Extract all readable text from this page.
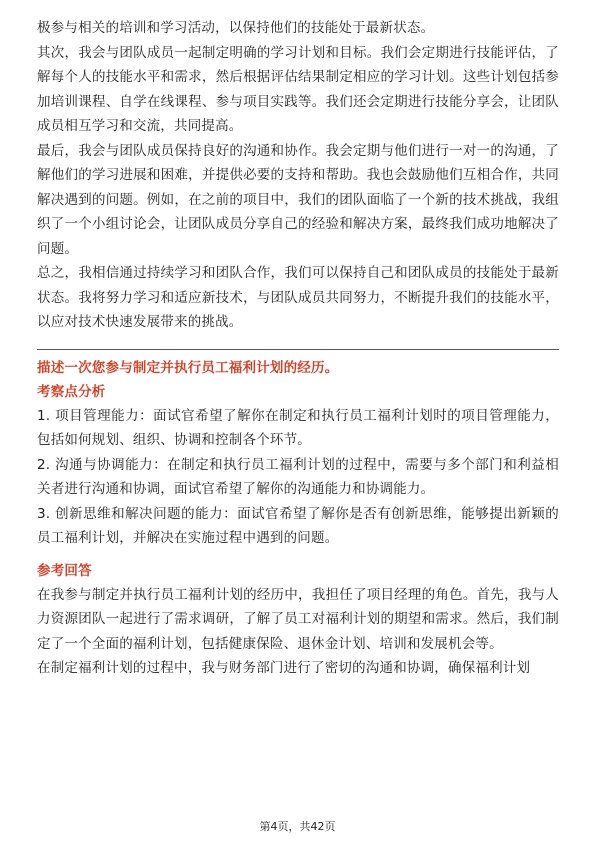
极参与相关的培训和学习活动，以保持他们的技能处于最新状态。

其次，我会与团队成员一起制定明确的学习计划和目标。我们会定期进行技能评估，了解每个人的技能水平和需求，然后根据评估结果制定相应的学习计划。这些计划包括参加培训课程、自学在线课程、参与项目实践等。我们还会定期进行技能分享会，让团队成员相互学习和交流，共同提高。

最后，我会与团队成员保持良好的沟通和协作。我会定期与他们进行一对一的沟通，了解他们的学习进展和困难，并提供必要的支持和帮助。我也会鼓励他们互相合作，共同解决遇到的问题。例如，在之前的项目中，我们的团队面临了一个新的技术挑战，我组织了一个小组讨论会，让团队成员分享自己的经验和解决方案，最终我们成功地解决了问题。

总之，我相信通过持续学习和团队合作，我们可以保持自己和团队成员的技能处于最新状态。我将努力学习和适应新技术，与团队成员共同努力，不断提升我们的技能水平，以应对技术快速发展带来的挑战。

描述一次您参与制定并执行员工福利计划的经历。

考察点分析

1. 项目管理能力：面试官希望了解你在制定和执行员工福利计划时的项目管理能力，包括如何规划、组织、协调和控制各个环节。

2. 沟通与协调能力：在制定和执行员工福利计划的过程中，需要与多个部门和利益相关者进行沟通和协调，面试官希望了解你的沟通能力和协调能力。

3. 创新思维和解决问题的能力：面试官希望了解你是否有创新思维，能够提出新颖的员工福利计划，并解决在实施过程中遇到的问题。

参考回答

在我参与制定并执行员工福利计划的经历中，我担任了项目经理的角色。首先，我与人力资源团队一起进行了需求调研，了解了员工对福利计划的期望和需求。然后，我们制定了一个全面的福利计划，包括健康保险、退休金计划、培训和发展机会等。

在制定福利计划的过程中，我与财务部门进行了密切的沟通和协调，确保福利计划

第4页，共42页
